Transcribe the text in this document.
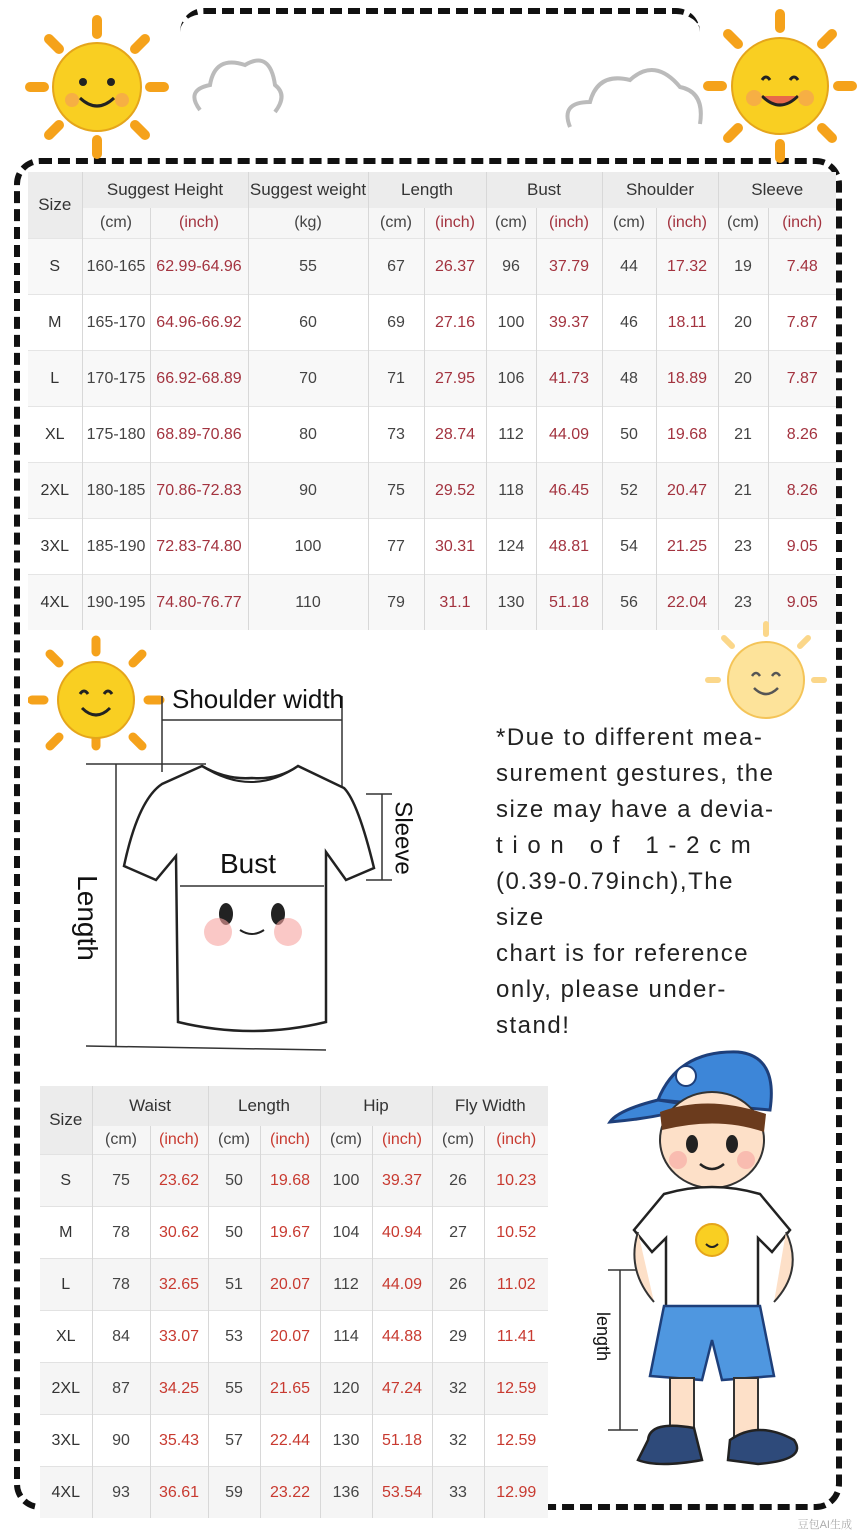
Size	Suggest Height		Suggest weight	Length		Bust		Shoulder		Sleeve	
	(cm)	(inch)	(kg)	(cm)	(inch)	(cm)	(inch)	(cm)	(inch)	(cm)	(inch)
S	160-165	62.99-64.96	55	67	26.37	96	37.79	44	17.32	19	7.48
M	165-170	64.96-66.92	60	69	27.16	100	39.37	46	18.11	20	7.87
L	170-175	66.92-68.89	70	71	27.95	106	41.73	48	18.89	20	7.87
XL	175-180	68.89-70.86	80	73	28.74	112	44.09	50	19.68	21	8.26
2XL	180-185	70.86-72.83	90	75	29.52	118	46.45	52	20.47	21	8.26
3XL	185-190	72.83-74.80	100	77	30.31	124	48.81	54	21.25	23	9.05
4XL	190-195	74.80-76.77	110	79	31.1	130	51.18	56	22.04	23	9.05
Shoulder width
Bust	Sleeve
Length
*Due to different mea-
surement gestures, the
size may have a devia-
t i o n   o f   1 - 2 c m
(0.39-0.79inch),The size
chart is for reference
only, please under-
stand!
Size	Waist		Length		Hip		Fly Width	
	(cm)	(inch)	(cm)	(inch)	(cm)	(inch)	(cm)	(inch)
S	75	23.62	50	19.68	100	39.37	26	10.23
M	78	30.62	50	19.67	104	40.94	27	10.52
L	78	32.65	51	20.07	112	44.09	26	11.02
XL	84	33.07	53	20.07	114	44.88	29	11.41
2XL	87	34.25	55	21.65	120	47.24	32	12.59
3XL	90	35.43	57	22.44	130	51.18	32	12.59
4XL	93	36.61	59	23.22	136	53.54	33	12.99
length
豆包AI生成
